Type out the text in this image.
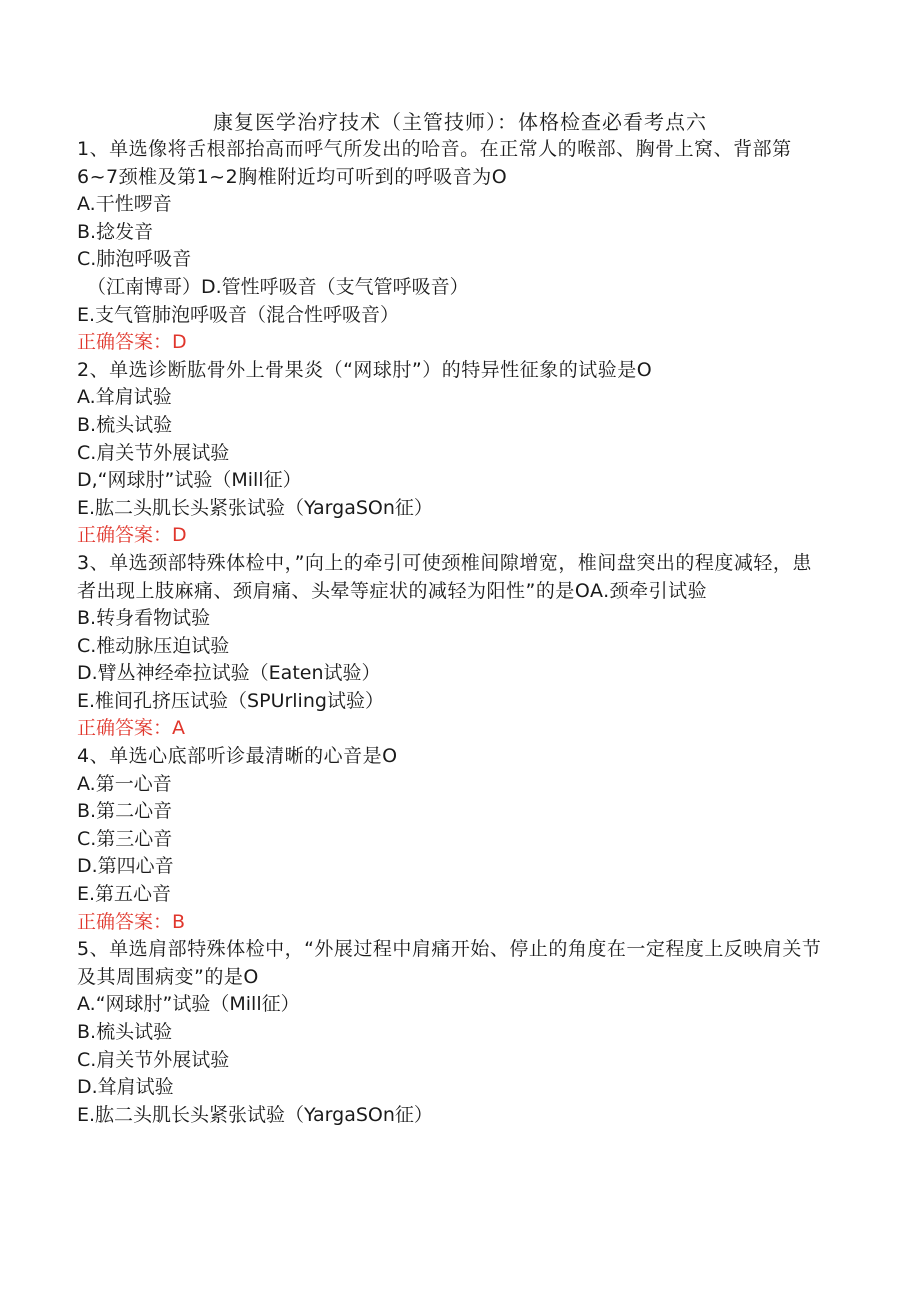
康复医学治疗技术（主管技师）：体格检查必看考点六
1、单选像将舌根部抬高而呼气所发出的哈音。在正常人的喉部、胸骨上窝、背部第6~7颈椎及第1~2胸椎附近均可听到的呼吸音为O
A.干性啰音
B.捻发音
C.肺泡呼吸音
（江南博哥）D.管性呼吸音（支气管呼吸音）
E.支气管肺泡呼吸音（混合性呼吸音）
正确答案：D
2、单选诊断肱骨外上骨果炎（“网球肘”）的特异性征象的试验是O
A.耸肩试验
B.梳头试验
C.肩关节外展试验
D,“网球肘”试验（Mill征）
E.肱二头肌长头紧张试验（YargaSOn征）
正确答案：D
3、单选颈部特殊体检中，”向上的牵引可使颈椎间隙增宽，椎间盘突出的程度减轻，患者出现上肢麻痛、颈肩痛、头晕等症状的减轻为阳性”的是OA.颈牵引试验
B.转身看物试验
C.椎动脉压迫试验
D.臂丛神经牵拉试验（Eaten试验）
E.椎间孔挤压试验（SPUrling试验）
正确答案：A
4、单选心底部听诊最清晰的心音是O
A.第一心音
B.第二心音
C.第三心音
D.第四心音
E.第五心音
正确答案：B
5、单选肩部特殊体检中，“外展过程中肩痛开始、停止的角度在一定程度上反映肩关节及其周围病变”的是O
A.“网球肘”试验（Mill征）
B.梳头试验
C.肩关节外展试验
D.耸肩试验
E.肱二头肌长头紧张试验（YargaSOn征）
